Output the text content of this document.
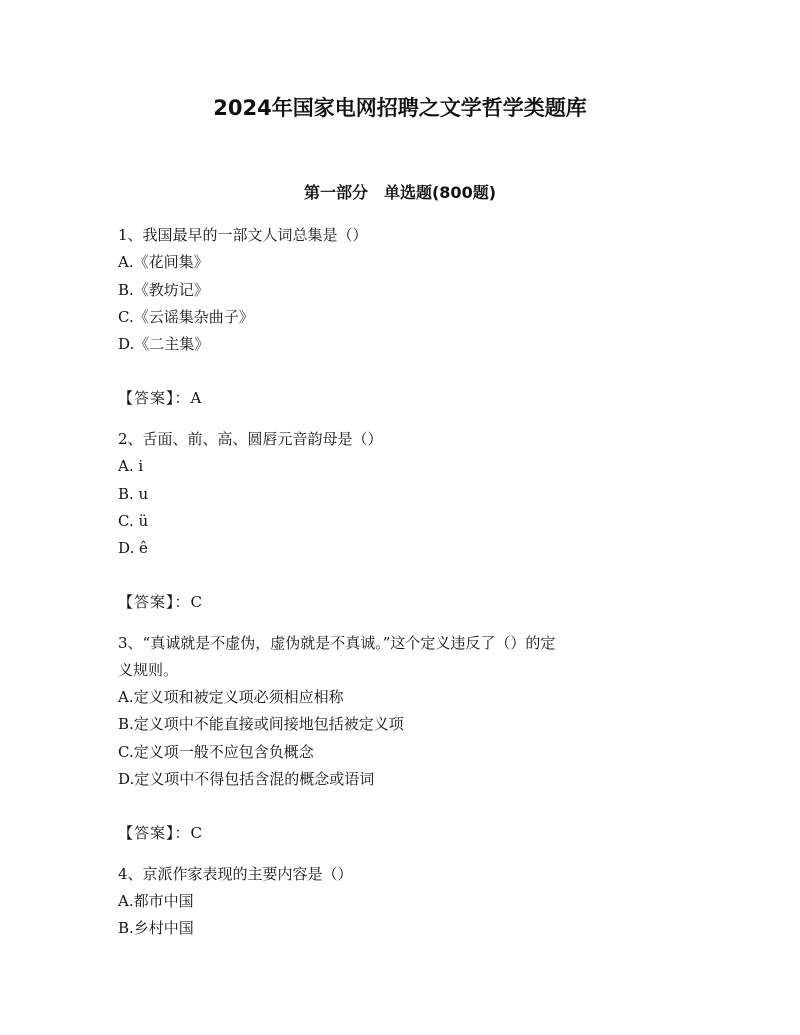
2024年国家电网招聘之文学哲学类题库
第一部分　单选题(800题)
1、我国最早的一部文人词总集是（）
A.《花间集》
B.《教坊记》
C.《云谣集杂曲子》
D.《二主集》
【答案】：A
2、舌面、前、高、圆唇元音韵母是（）
A. i
B. u
C. ü
D. ê
【答案】：C
3、“真诚就是不虚伪，虚伪就是不真诚。”这个定义违反了（）的定
义规则。
A.定义项和被定义项必须相应相称
B.定义项中不能直接或间接地包括被定义项
C.定义项一般不应包含负概念
D.定义项中不得包括含混的概念或语词
【答案】：C
4、京派作家表现的主要内容是（）
A.都市中国
B.乡村中国
